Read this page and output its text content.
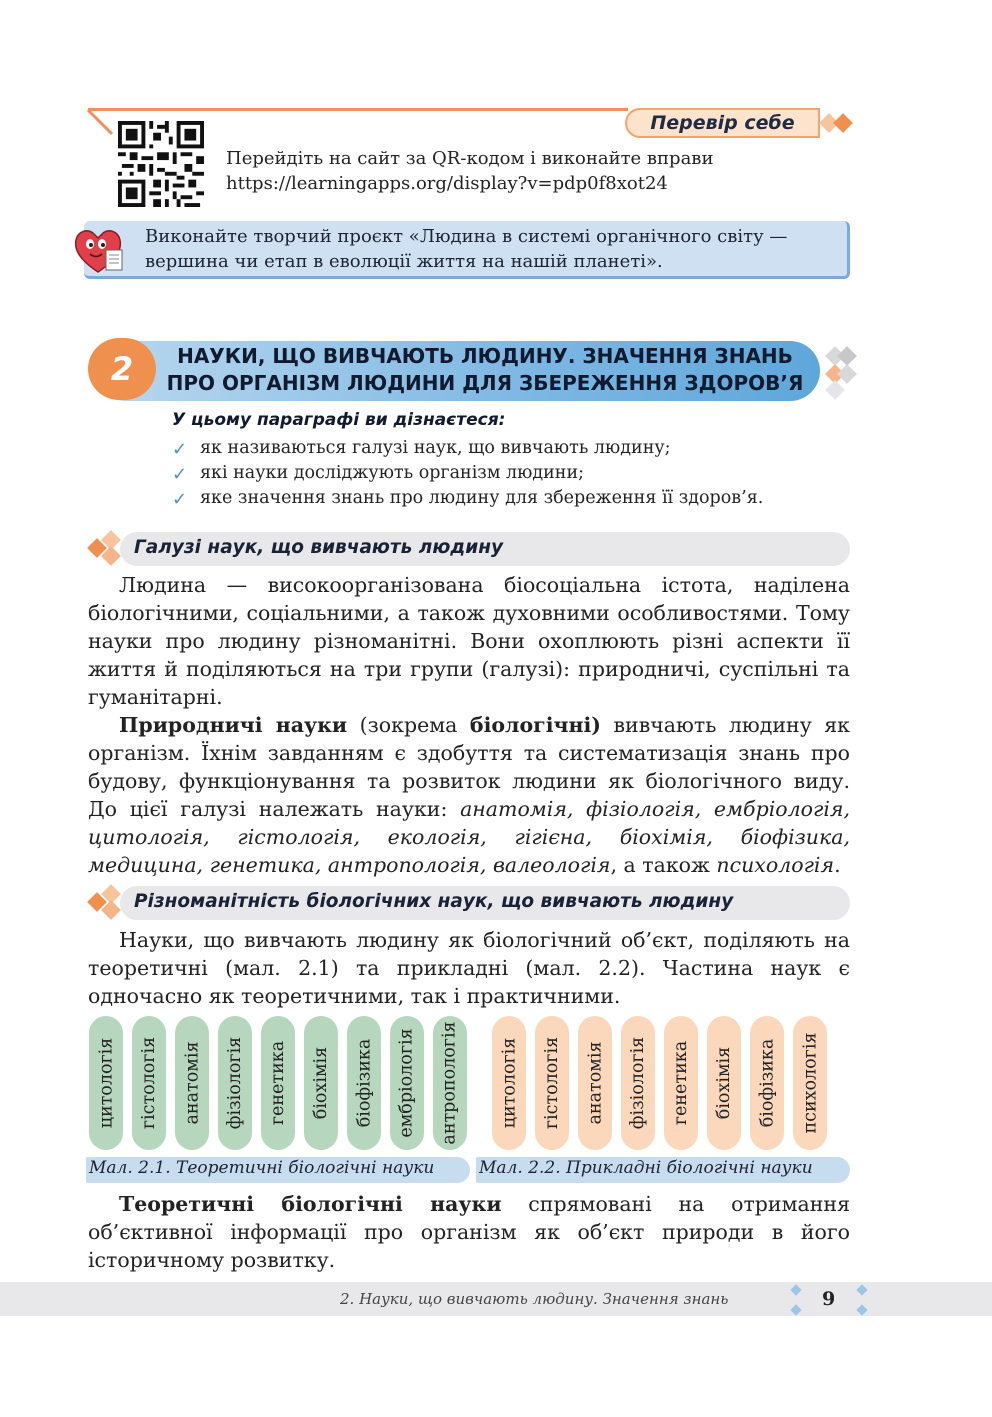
Перевір себе
Перейдіть на сайт за QR-кодом і виконайте вправи
https://learningapps.org/display?v=pdp0f8xot24
Виконайте творчий проєкт «Людина в системі органічного світу —
вершина чи етап в еволюції життя на нашій планеті».
2	НАУКИ, ЩО ВИВЧАЮТЬ ЛЮДИНУ. ЗНАЧЕННЯ ЗНАНЬ
ПРО ОРГАНІЗМ ЛЮДИНИ ДЛЯ ЗБЕРЕЖЕННЯ ЗДОРОВ’Я
У цьому параграфі ви дізнаєтеся:
✓ як називаються галузі наук, що вивчають людину;
✓ які науки досліджують організм людини;
✓ яке значення знань про людину для збереження її здоров’я.
Галузі наук, що вивчають людину

Людина — високоорганізована біосоціальна істота, наділена біологічними, соціальними, а також духовними особливостями. Тому науки про людину різноманітні. Вони охоплюють різні аспекти її життя й поділяються на три групи (галузі): природничі, суспільні та гуманітарні.

Природничі науки (зокрема біологічні) вивчають людину як організм. Їхнім завданням є здобуття та систематизація знань про будову, функціонування та розвиток людини як біологічного виду. До цієї галузі належать науки: анатомія, фізіологія, ембріологія, цитологія, гістологія, екологія, гігієна, біохімія, біофізика, медицина, генетика, антропологія, валеологія, а також психологія.

Різноманітність біологічних наук, що вивчають людину

Науки, що вивчають людину як біологічний об’єкт, поділяють на теоретичні (мал. 2.1) та прикладні (мал. 2.2). Частина наук є одночасно як теоретичними, так і практичними.

цитологія гістологія анатомія фізіологія генетика біохімія біофізика ембріологія антропологія цитологія гістологія анатомія фізіологія генетика біохімія біофізика психологія
Мал. 2.1. Теоретичні біологічні науки	Мал. 2.2. Прикладні біологічні науки

Теоретичні біологічні науки спрямовані на отримання об’єктивної інформації про організм як об’єкт природи в його історичному розвитку.

2. Науки, що вивчають людину. Значення знань	9
